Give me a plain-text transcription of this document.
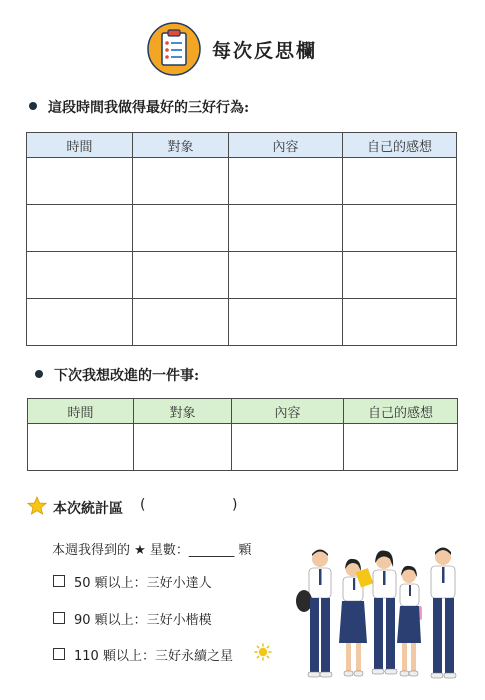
每次反思欄
這段時間我做得最好的三好行為:
時間	對象	內容	自己的感想

下次我想改進的一件事:
時間	對象	內容	自己的感想

本次統計區 (	)
本週我得到的 ★ 星數：_______ 顆
50 顆以上：三好小達人
90 顆以上：三好小楷模
110 顆以上：三好永續之星
